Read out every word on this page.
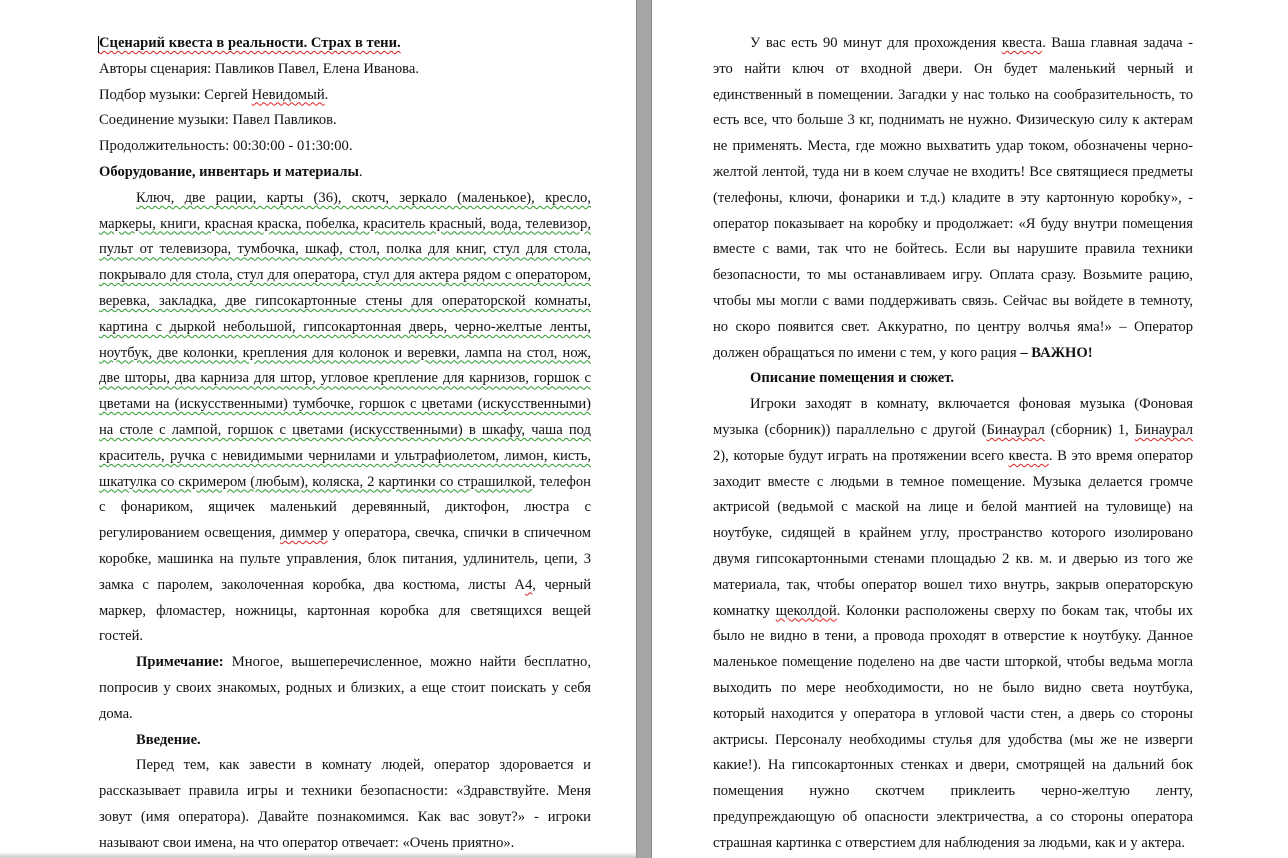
Сценарий квеста в реальности. Страх в тени.

Авторы сценария: Павликов Павел, Елена Иванова.

Подбор музыки: Сергей Невидомый.

Соединение музыки: Павел Павликов.

Продолжительность: 00:30:00 - 01:30:00.

Оборудование, инвентарь и материалы.

Ключ, две рации, карты (36), скотч, зеркало (маленькое), кресло, маркеры, книги, красная краска, побелка, краситель красный, вода, телевизор, пульт от телевизора, тумбочка, шкаф, стол, полка для книг, стул для стола, покрывало для стола, стул для оператора, стул для актера рядом с оператором, веревка, закладка, две гипсокартонные стены для операторской комнаты, картина с дыркой небольшой, гипсокартонная дверь, черно-желтые ленты, ноутбук, две колонки, крепления для колонок и веревки, лампа на стол, нож, две шторы, два карниза для штор, угловое крепление для карнизов, горшок с цветами на (искусственными) тумбочке, горшок с цветами (искусственными) на столе с лампой, горшок с цветами (искусственными) в шкафу, чаша под краситель, ручка с невидимыми чернилами и ультрафиолетом, лимон, кисть, шкатулка со скримером (любым), коляска, 2 картинки со страшилкой, телефон с фонариком, ящичек маленький деревянный, диктофон, люстра с регулированием освещения, диммер у оператора, свечка, спички в спичечном коробке, машинка на пульте управления, блок питания, удлинитель, цепи, 3 замка с паролем, заколоченная коробка, два костюма, листы А4, черный маркер, фломастер, ножницы, картонная коробка для светящихся вещей гостей.

Примечание: Многое, вышеперечисленное, можно найти бесплатно, попросив у своих знакомых, родных и близких, а еще стоит поискать у себя дома.

Введение.

Перед тем, как завести в комнату людей, оператор здоровается и рассказывает правила игры и техники безопасности: «Здравствуйте. Меня зовут (имя оператора). Давайте познакомимся. Как вас зовут?» - игроки называют свои имена, на что оператор отвечает: «Очень приятно».

У вас есть 90 минут для прохождения квеста. Ваша главная задача - это найти ключ от входной двери. Он будет маленький черный и единственный в помещении. Загадки у нас только на сообразительность, то есть все, что больше 3 кг, поднимать не нужно. Физическую силу к актерам не применять. Места, где можно выхватить удар током, обозначены черно-желтой лентой, туда ни в коем случае не входить! Все святящиеся предметы (телефоны, ключи, фонарики и т.д.) кладите в эту картонную коробку», - оператор показывает на коробку и продолжает: «Я буду внутри помещения вместе с вами, так что не бойтесь. Если вы нарушите правила техники безопасности, то мы останавливаем игру. Оплата сразу. Возьмите рацию, чтобы мы могли с вами поддерживать связь. Сейчас вы войдете в темноту, но скоро появится свет. Аккуратно, по центру волчья яма!» – Оператор должен обращаться по имени с тем, у кого рация – ВАЖНО!

Описание помещения и сюжет.

Игроки заходят в комнату, включается фоновая музыка (Фоновая музыка (сборник)) параллельно с другой (Бинаурал (сборник) 1, Бинаурал 2), которые будут играть на протяжении всего квеста. В это время оператор заходит вместе с людьми в темное помещение. Музыка делается громче актрисой (ведьмой с маской на лице и белой мантией на туловище) на ноутбуке, сидящей в крайнем углу, пространство которого изолировано двумя гипсокартонными стенами площадью 2 кв. м. и дверью из того же материала, так, чтобы оператор вошел тихо внутрь, закрыв операторскую комнатку щеколдой. Колонки расположены сверху по бокам так, чтобы их было не видно в тени, а провода проходят в отверстие к ноутбуку. Данное маленькое помещение поделено на две части шторкой, чтобы ведьма могла выходить по мере необходимости, но не было видно света ноутбука, который находится у оператора в угловой части стен, а дверь со стороны актрисы. Персоналу необходимы стулья для удобства (мы же не изверги какие!). На гипсокартонных стенках и двери, смотрящей на дальний бок помещения нужно скотчем приклеить черно-желтую ленту, предупреждающую об опасности электричества, а со стороны оператора страшная картинка с отверстием для наблюдения за людьми, как и у актера.
